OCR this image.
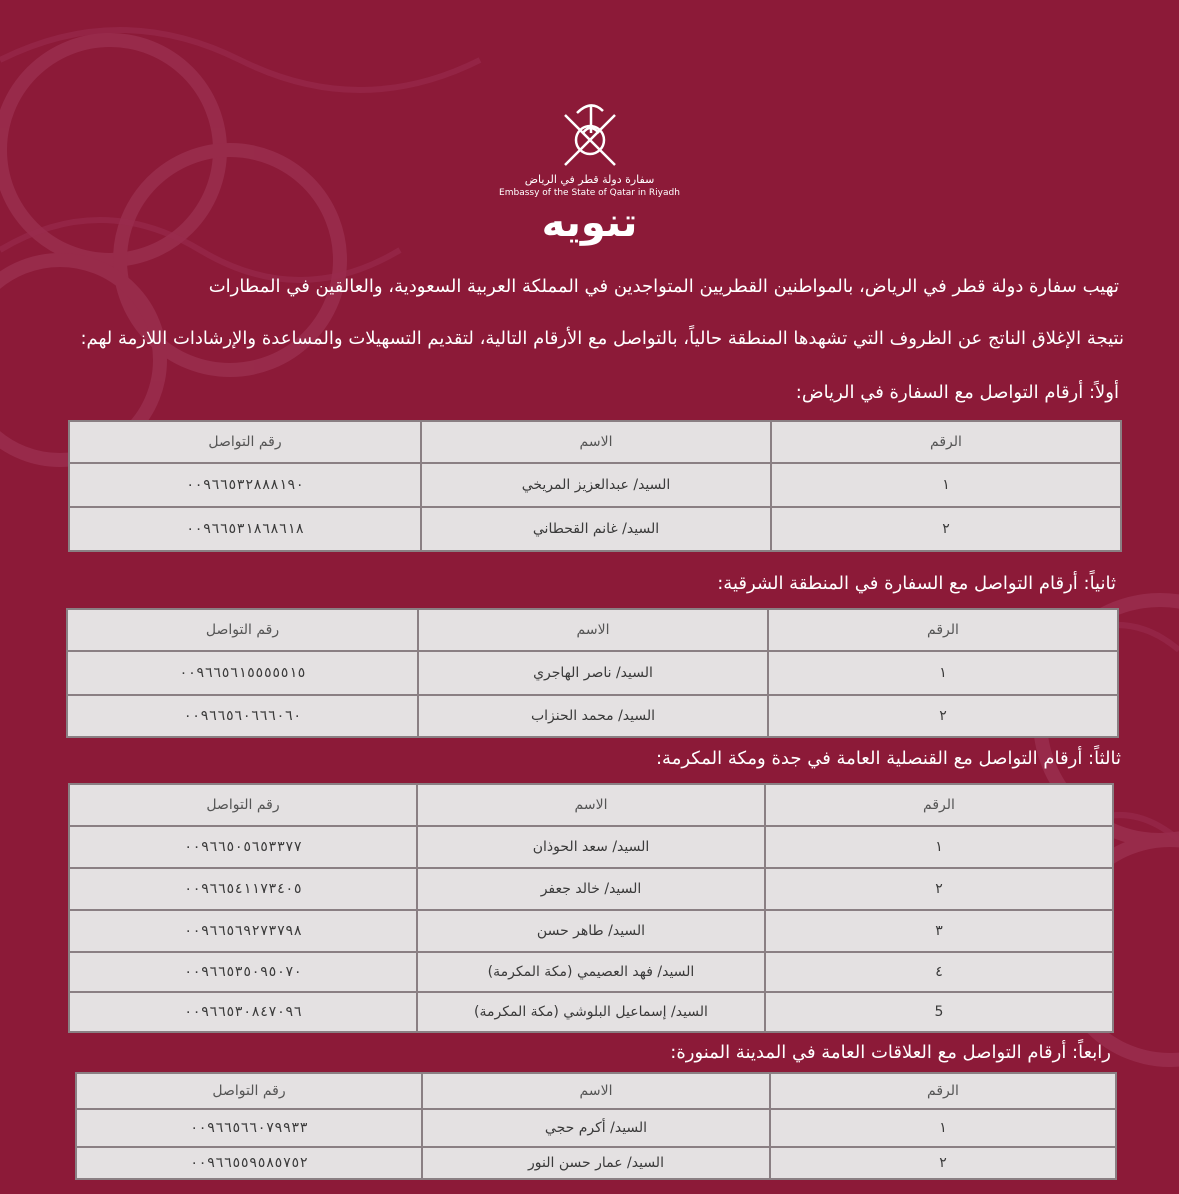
سفارة دولة قطر في الرياض
Embassy of the State of Qatar in Riyadh
تنويه
تهيب سفارة دولة قطر في الرياض، بالمواطنين القطريين المتواجدين في المملكة العربية السعودية، والعالقين في المطارات
نتيجة الإغلاق الناتج عن الظروف التي تشهدها المنطقة حالياً، بالتواصل مع الأرقام التالية، لتقديم التسهيلات والمساعدة والإرشادات اللازمة لهم:
أولاً: أرقام التواصل مع السفارة في الرياض:
الرقم	الاسم	رقم التواصل
١	السيد/ عبدالعزيز المريخي	٠٠٩٦٦٥٣٢٨٨٨١٩٠
٢	السيد/ غانم القحطاني	٠٠٩٦٦٥٣١٨٦٨٦١٨
ثانياً: أرقام التواصل مع السفارة في المنطقة الشرقية:
الرقم	الاسم	رقم التواصل
١	السيد/ ناصر الهاجري	٠٠٩٦٦٥٦١٥٥٥٥٥١٥
٢	السيد/ محمد الحنزاب	٠٠٩٦٦٥٦٠٦٦٦٠٦٠
ثالثاً: أرقام التواصل مع القنصلية العامة في جدة ومكة المكرمة:
الرقم	الاسم	رقم التواصل
١	السيد/ سعد الحوذان	٠٠٩٦٦٥٠٥٦٥٣٣٧٧
٢	السيد/ خالد جعفر	٠٠٩٦٦٥٤١١٧٣٤٠٥
٣	السيد/ طاهر حسن	٠٠٩٦٦٥٦٩٢٧٣٧٩٨
٤	السيد/ فهد العصيمي (مكة المكرمة)	٠٠٩٦٦٥٣٥٠٩٥٠٧٠
5	السيد/ إسماعيل البلوشي (مكة المكرمة)	٠٠٩٦٦٥٣٠٨٤٧٠٩٦
رابعاً: أرقام التواصل مع العلاقات العامة في المدينة المنورة:
الرقم	الاسم	رقم التواصل
١	السيد/ أكرم حجي	٠٠٩٦٦٥٦٦٠٧٩٩٣٣
٢	السيد/ عمار حسن النور	٠٠٩٦٦٥٥٩٥٨٥٧٥٢
